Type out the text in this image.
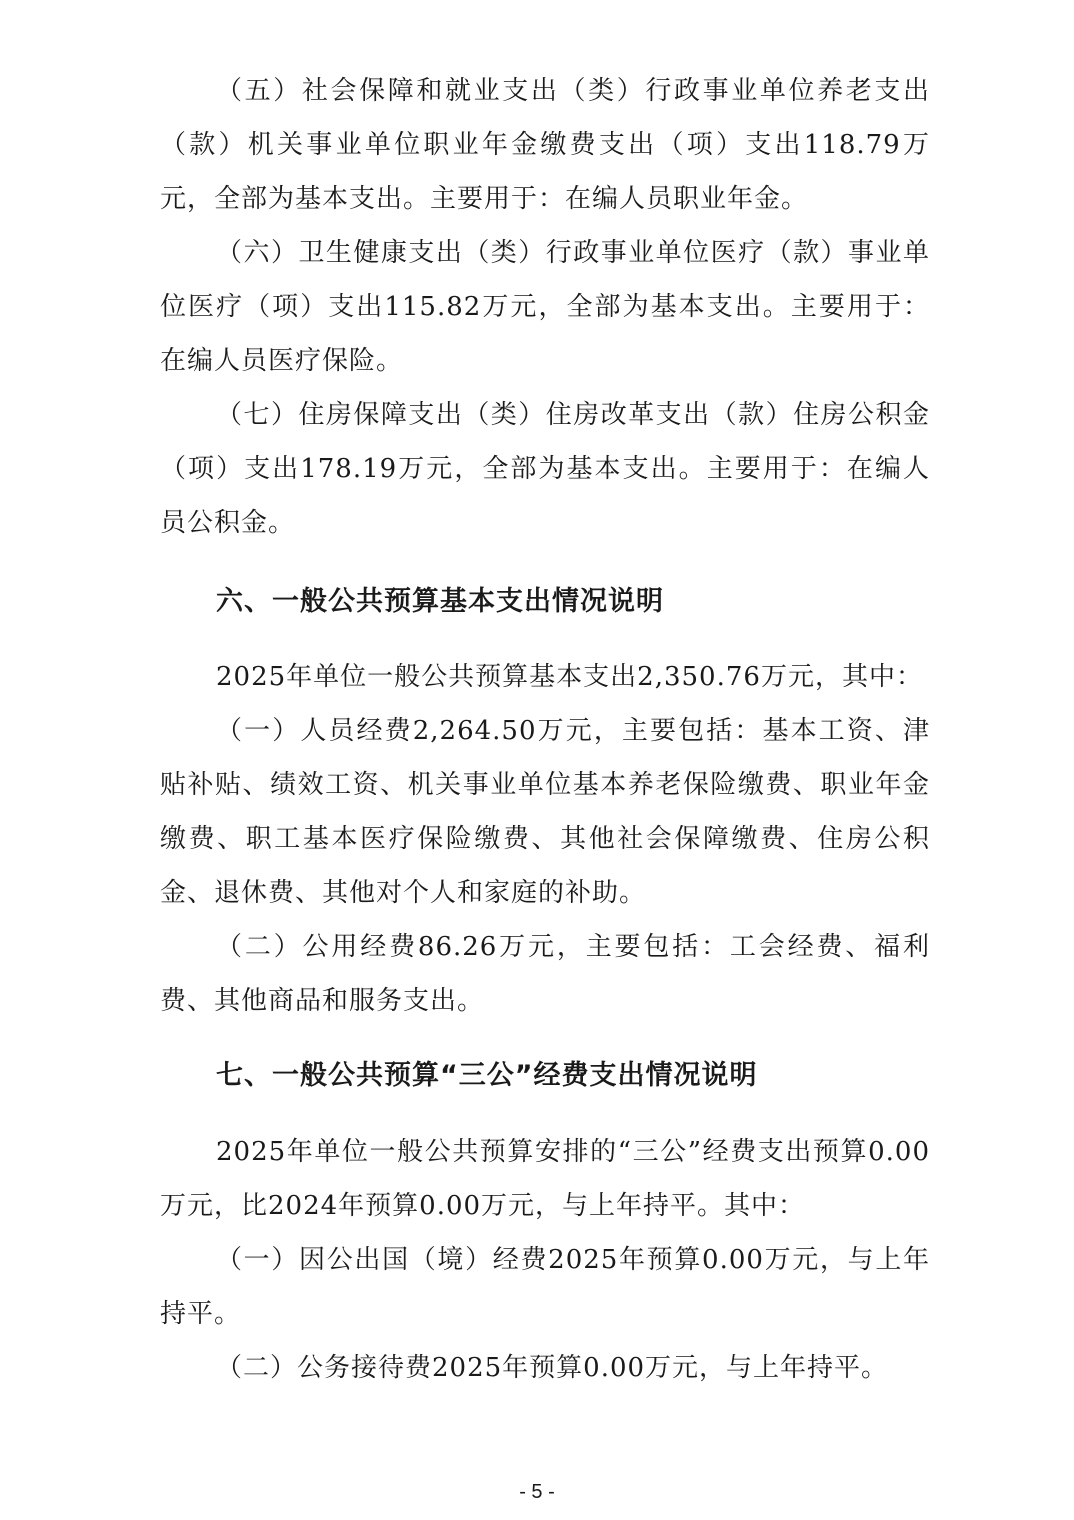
（五）社会保障和就业支出（类）行政事业单位养老支出（款）机关事业单位职业年金缴费支出（项）支出118.79万元，全部为基本支出。主要用于：在编人员职业年金。

（六）卫生健康支出（类）行政事业单位医疗（款）事业单位医疗（项）支出115.82万元，全部为基本支出。主要用于：在编人员医疗保险。

（七）住房保障支出（类）住房改革支出（款）住房公积金（项）支出178.19万元，全部为基本支出。主要用于：在编人员公积金。

六、一般公共预算基本支出情况说明

2025年单位一般公共预算基本支出2,350.76万元，其中：

（一）人员经费2,264.50万元，主要包括：基本工资、津贴补贴、绩效工资、机关事业单位基本养老保险缴费、职业年金缴费、职工基本医疗保险缴费、其他社会保障缴费、住房公积金、退休费、其他对个人和家庭的补助。

（二）公用经费86.26万元，主要包括：工会经费、福利费、其他商品和服务支出。

七、一般公共预算“三公”经费支出情况说明

2025年单位一般公共预算安排的“三公”经费支出预算0.00万元，比2024年预算0.00万元，与上年持平。其中：

（一）因公出国（境）经费2025年预算0.00万元，与上年持平。

（二）公务接待费2025年预算0.00万元，与上年持平。

- 5 -
